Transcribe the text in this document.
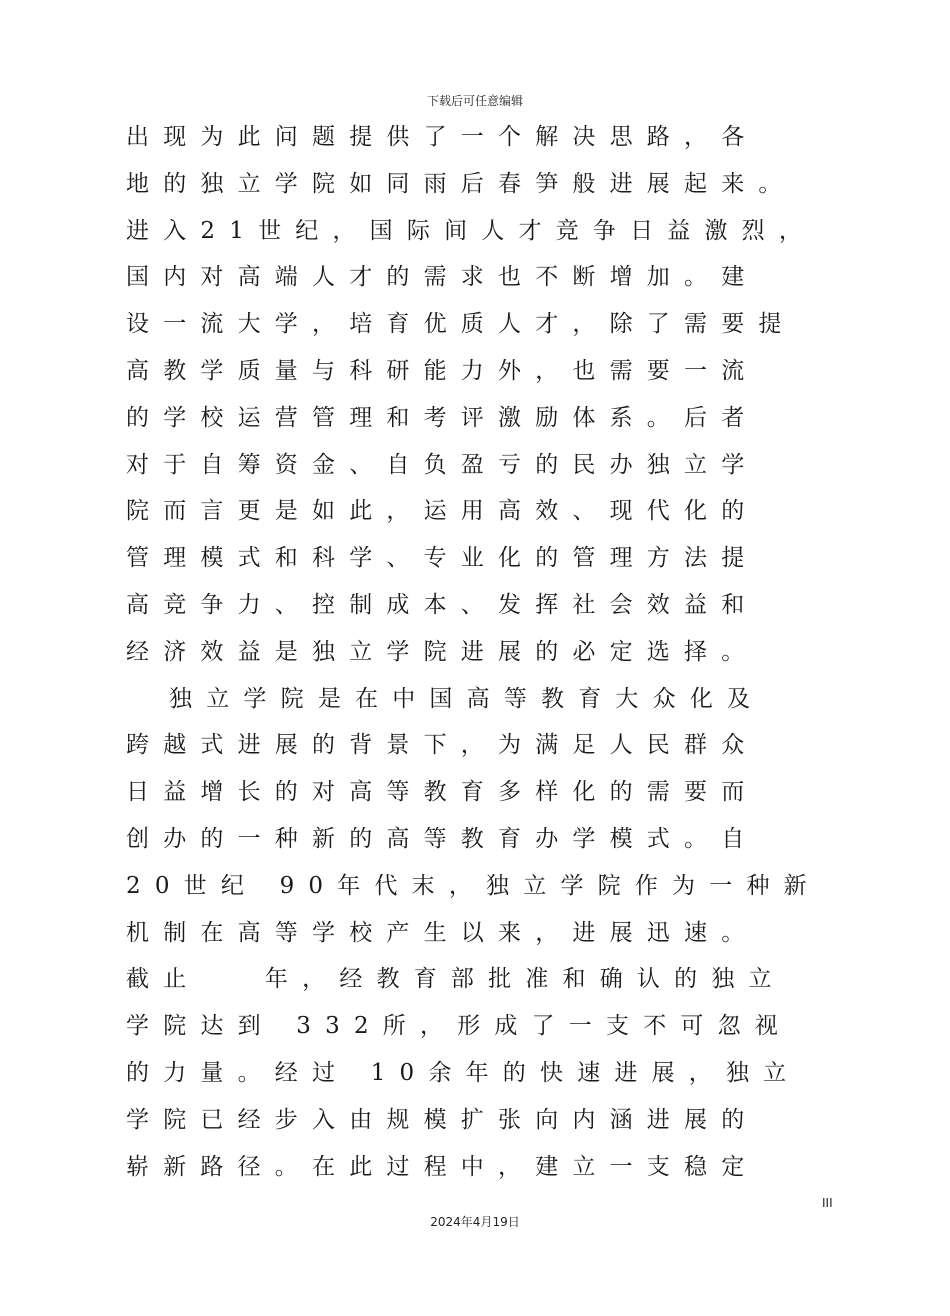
下载后可任意编辑
出现为此问题提供了一个解决思路，各
地的独立学院如同雨后春笋般进展起来。
进入21世纪，国际间人才竞争日益激烈，
国内对高端人才的需求也不断增加。建
设一流大学，培育优质人才，除了需要提
高教学质量与科研能力外，也需要一流
的学校运营管理和考评激励体系。后者
对于自筹资金、自负盈亏的民办独立学
院而言更是如此，运用高效、现代化的
管理模式和科学、专业化的管理方法提
高竞争力、控制成本、发挥社会效益和
经济效益是独立学院进展的必定选择。
独立学院是在中国高等教育大众化及
跨越式进展的背景下，为满足人民群众
日益增长的对高等教育多样化的需要而
创办的一种新的高等教育办学模式。自
20世纪 90年代末，独立学院作为一种新
机制在高等学校产生以来，进展迅速。
截止   年，经教育部批准和确认的独立
学院达到 332所，形成了一支不可忽视
的力量。经过 10余年的快速进展，独立
学院已经步入由规模扩张向内涵进展的
崭新路径。在此过程中，建立一支稳定
III
2024年4月19日
